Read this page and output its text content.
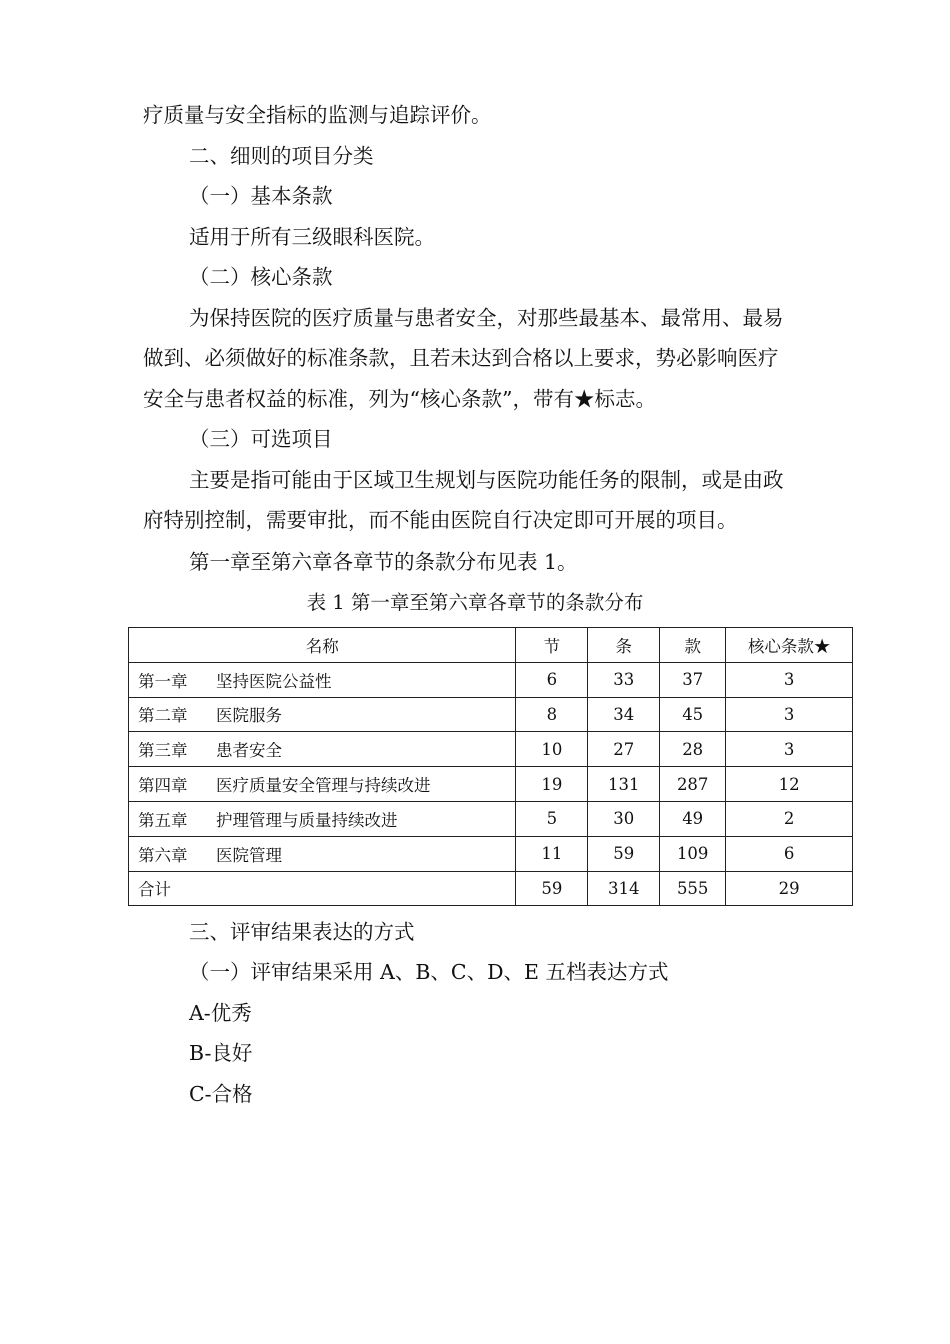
疗质量与安全指标的监测与追踪评价。
二、细则的项目分类
（一）基本条款
适用于所有三级眼科医院。
（二）核心条款
为保持医院的医疗质量与患者安全，对那些最基本、最常用、最易
做到、必须做好的标准条款，且若未达到合格以上要求，势必影响医疗
安全与患者权益的标准，列为“核心条款”，带有★标志。
（三）可选项目
主要是指可能由于区域卫生规划与医院功能任务的限制，或是由政
府特别控制，需要审批，而不能由医院自行决定即可开展的项目。
第一章至第六章各章节的条款分布见表 1。
表 1 第一章至第六章各章节的条款分布
名称	节	条	款	核心条款★
第一章 坚持医院公益性	6	33	37	3
第二章 医院服务	8	34	45	3
第三章 患者安全	10	27	28	3
第四章 医疗质量安全管理与持续改进	19	131	287	12
第五章 护理管理与质量持续改进	5	30	49	2
第六章 医院管理	11	59	109	6
合计	59	314	555	29
三、评审结果表达的方式
（一）评审结果采用 A、B、C、D、E 五档表达方式
A-优秀
B-良好
C-合格
